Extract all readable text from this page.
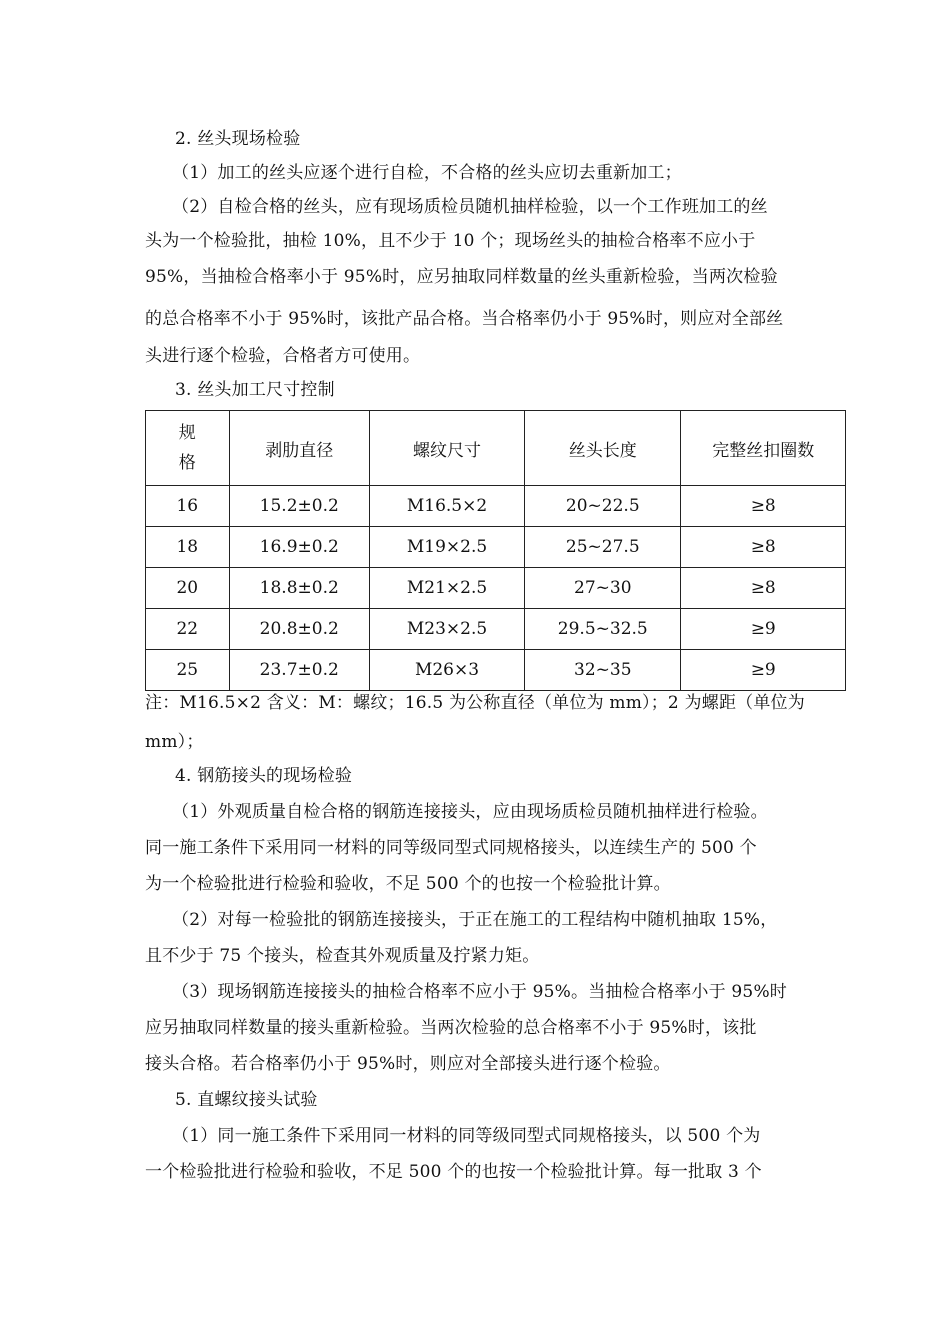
2. 丝头现场检验
（1）加工的丝头应逐个进行自检，不合格的丝头应切去重新加工；
（2）自检合格的丝头，应有现场质检员随机抽样检验，以一个工作班加工的丝
头为一个检验批，抽检 10%，且不少于 10 个；现场丝头的抽检合格率不应小于
95%，当抽检合格率小于 95%时，应另抽取同样数量的丝头重新检验，当两次检验
的总合格率不小于 95%时，该批产品合格。当合格率仍小于 95%时，则应对全部丝
头进行逐个检验，合格者方可使用。
3. 丝头加工尺寸控制
规
格	剥肋直径	螺纹尺寸	丝头长度	完整丝扣圈数
16	15.2±0.2	M16.5×2	20~22.5	≥8
18	16.9±0.2	M19×2.5	25~27.5	≥8
20	18.8±0.2	M21×2.5	27~30	≥8
22	20.8±0.2	M23×2.5	29.5~32.5	≥9
25	23.7±0.2	M26×3	32~35	≥9
注：M16.5×2 含义：M：螺纹；16.5 为公称直径（单位为 mm）；2 为螺距（单位为
mm）；
4. 钢筋接头的现场检验
（1）外观质量自检合格的钢筋连接接头，应由现场质检员随机抽样进行检验。
同一施工条件下采用同一材料的同等级同型式同规格接头，以连续生产的 500 个
为一个检验批进行检验和验收，不足 500 个的也按一个检验批计算。
（2）对每一检验批的钢筋连接接头，于正在施工的工程结构中随机抽取 15%，
且不少于 75 个接头，检查其外观质量及拧紧力矩。
（3）现场钢筋连接接头的抽检合格率不应小于 95%。当抽检合格率小于 95%时
应另抽取同样数量的接头重新检验。当两次检验的总合格率不小于 95%时，该批
接头合格。若合格率仍小于 95%时，则应对全部接头进行逐个检验。
5. 直螺纹接头试验
（1）同一施工条件下采用同一材料的同等级同型式同规格接头，以 500 个为
一个检验批进行检验和验收，不足 500 个的也按一个检验批计算。每一批取 3 个
